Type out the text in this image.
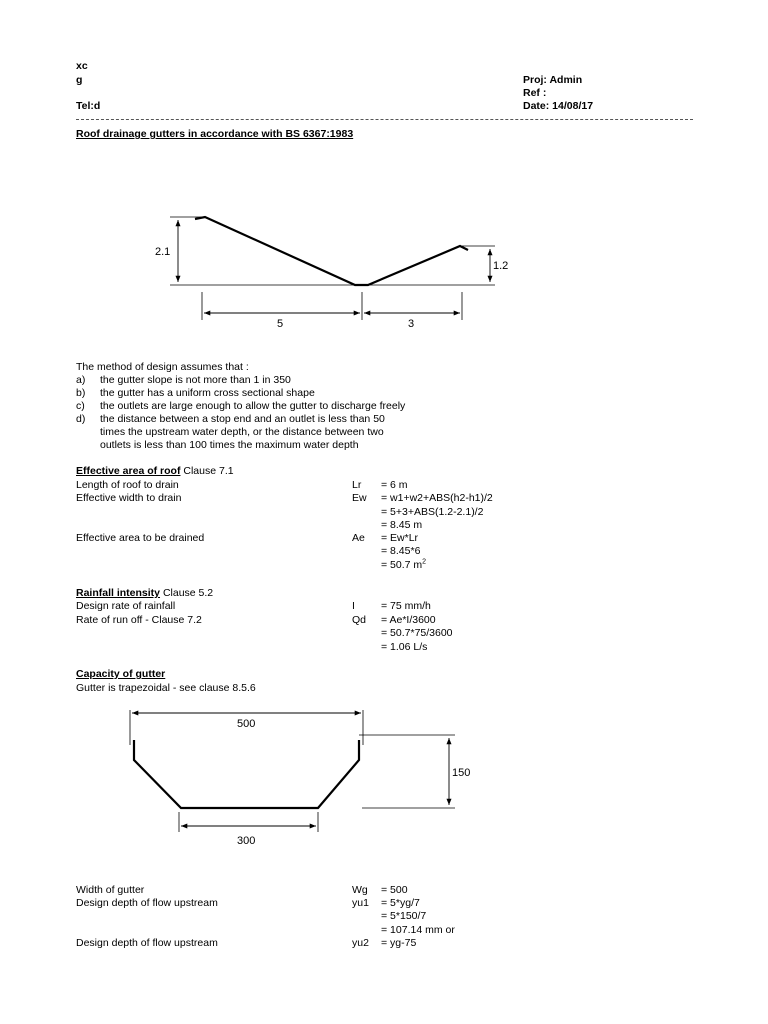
xc
g
Tel:d
Proj: Admin
Ref :
Date: 14/08/17
Roof drainage gutters in accordance with BS 6367:1983
2.1
1.2
5	3
500
150
300
The method of design assumes that :
a) the gutter slope is not more than 1 in 350
b) the gutter has a uniform cross sectional shape
c) the outlets are large enough to allow the gutter to discharge freely
d) the distance between a stop end and an outlet is less than 50
times the upstream water depth, or the distance between two
outlets is less than 100 times the maximum water depth
Effective area of roof Clause 7.1
Length of roof to drain	Lr = 6 m
Effective width to drain	Ew = w1+w2+ABS(h2-h1)/2
= 5+3+ABS(1.2-2.1)/2
= 8.45 m
Effective area to be drained	Ae = Ew*Lr
= 8.45*6
= 50.7 $m^2$
Rainfall intensity Clause 5.2
Design rate of rainfall	I = 75 mm/h
Rate of run off - Clause 7.2	Qd = Ae*I/3600
= 50.7*75/3600
= 1.06 L/s
Capacity of gutter
Gutter is trapezoidal - see clause 8.5.6
Width of gutter	Wg = 500
Design depth of flow upstream	yu1 = 5*yg/7
= 5*150/7
= 107.14 mm or
Design depth of flow upstream	yu2 = yg-75
